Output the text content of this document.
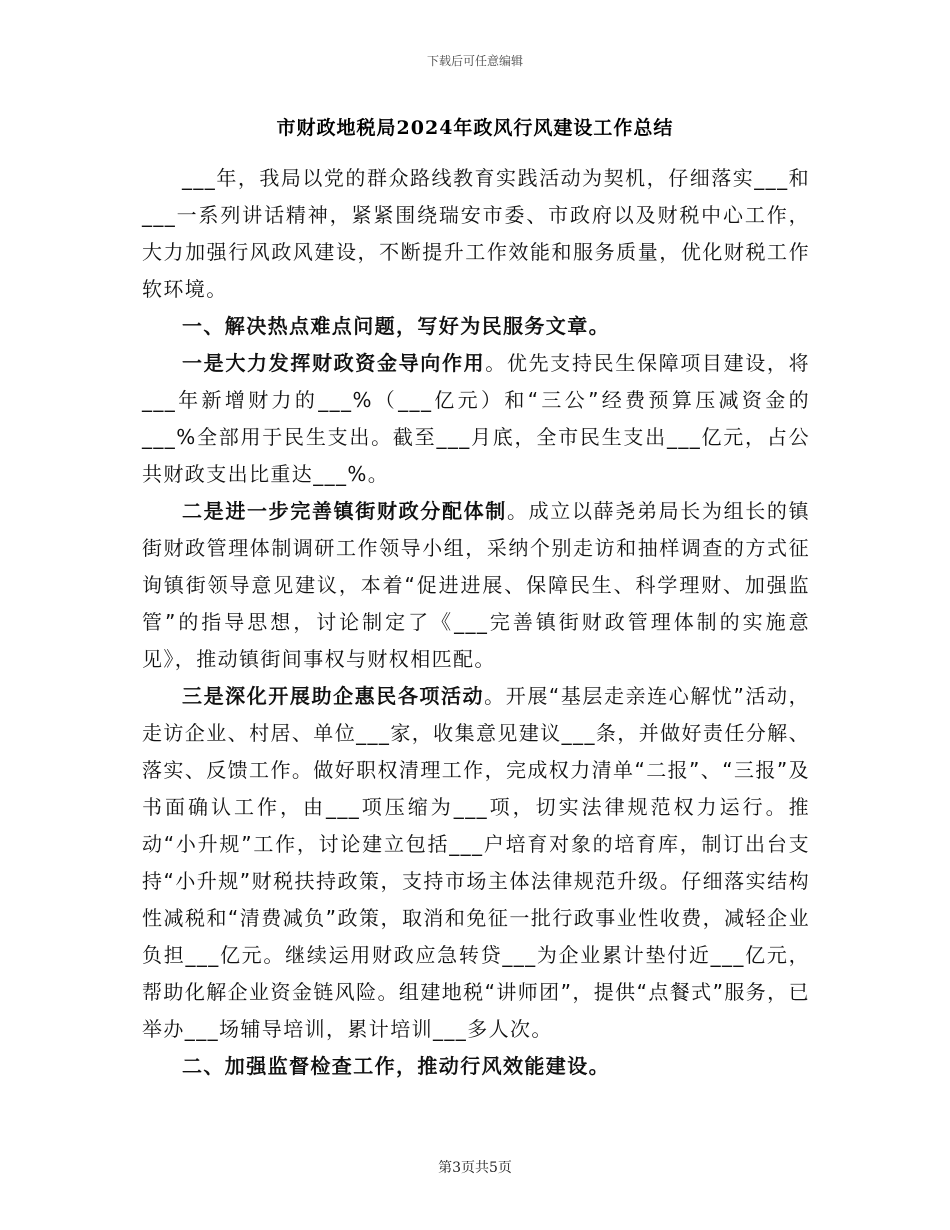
下载后可任意编辑
市财政地税局2024年政风行风建设工作总结

___年，我局以党的群众路线教育实践活动为契机，仔细落实___和___一系列讲话精神，紧紧围绕瑞安市委、市政府以及财税中心工作，大力加强行风政风建设，不断提升工作效能和服务质量，优化财税工作软环境。

一、解决热点难点问题，写好为民服务文章。

一是大力发挥财政资金导向作用。优先支持民生保障项目建设，将___年新增财力的___%（___亿元）和“三公”经费预算压减资金的___%全部用于民生支出。截至___月底，全市民生支出___亿元，占公共财政支出比重达___%。

二是进一步完善镇街财政分配体制。成立以薛尧弟局长为组长的镇街财政管理体制调研工作领导小组，采纳个别走访和抽样调查的方式征询镇街领导意见建议，本着“促进进展、保障民生、科学理财、加强监管”的指导思想，讨论制定了《___完善镇街财政管理体制的实施意见》，推动镇街间事权与财权相匹配。

三是深化开展助企惠民各项活动。开展“基层走亲连心解忧”活动，走访企业、村居、单位___家，收集意见建议___条，并做好责任分解、落实、反馈工作。做好职权清理工作，完成权力清单“二报”、“三报”及书面确认工作，由___项压缩为___项，切实法律规范权力运行。推动“小升规”工作，讨论建立包括___户培育对象的培育库，制订出台支持“小升规”财税扶持政策，支持市场主体法律规范升级。仔细落实结构性减税和“清费减负”政策，取消和免征一批行政事业性收费，减轻企业负担___亿元。继续运用财政应急转贷___为企业累计垫付近___亿元，帮助化解企业资金链风险。组建地税“讲师团”，提供“点餐式”服务，已举办___场辅导培训，累计培训___多人次。

二、加强监督检查工作，推动行风效能建设。

第3页共5页
